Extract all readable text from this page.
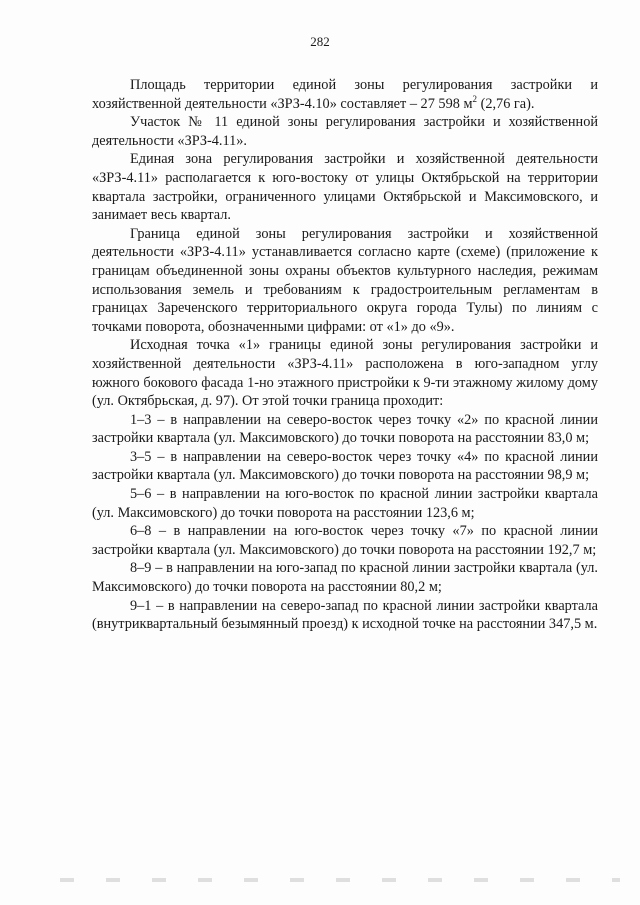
282

Площадь территории единой зоны регулирования застройки и хозяйственной деятельности «ЗРЗ-4.10» составляет – 27 598 $м^2$ (2,76 га).

Участок № 11 единой зоны регулирования застройки и хозяйственной деятельности «ЗРЗ-4.11».

Единая зона регулирования застройки и хозяйственной деятельности «ЗРЗ-4.11» располагается к юго-востоку от улицы Октябрьской на территории квартала застройки, ограниченного улицами Октябрьской и Максимовского, и занимает весь квартал.

Граница единой зоны регулирования застройки и хозяйственной деятельности «ЗРЗ-4.11» устанавливается согласно карте (схеме) (приложение к границам объединенной зоны охраны объектов культурного наследия, режимам использования земель и требованиям к градостроительным регламентам в границах Зареченского территориального округа города Тулы) по линиям с точками поворота, обозначенными цифрами: от «1» до «9».

Исходная точка «1» границы единой зоны регулирования застройки и хозяйственной деятельности «ЗРЗ-4.11» расположена в юго-западном углу южного бокового фасада 1-но этажного пристройки к 9-ти этажному жилому дому (ул. Октябрьская, д. 97). От этой точки граница проходит:

1–3 – в направлении на северо-восток через точку «2» по красной линии застройки квартала (ул. Максимовского) до точки поворота на расстоянии 83,0 м;

3–5 – в направлении на северо-восток через точку «4» по красной линии застройки квартала (ул. Максимовского) до точки поворота на расстоянии 98,9 м;

5–6 – в направлении на юго-восток по красной линии застройки квартала (ул. Максимовского) до точки поворота на расстоянии 123,6 м;

6–8 – в направлении на юго-восток через точку «7» по красной линии застройки квартала (ул. Максимовского) до точки поворота на расстоянии 192,7 м;

8–9 – в направлении на юго-запад по красной линии застройки квартала (ул. Максимовского) до точки поворота на расстоянии 80,2 м;

9–1 – в направлении на северо-запад по красной линии застройки квартала (внутриквартальный безымянный проезд) к исходной точке на расстоянии 347,5 м.
